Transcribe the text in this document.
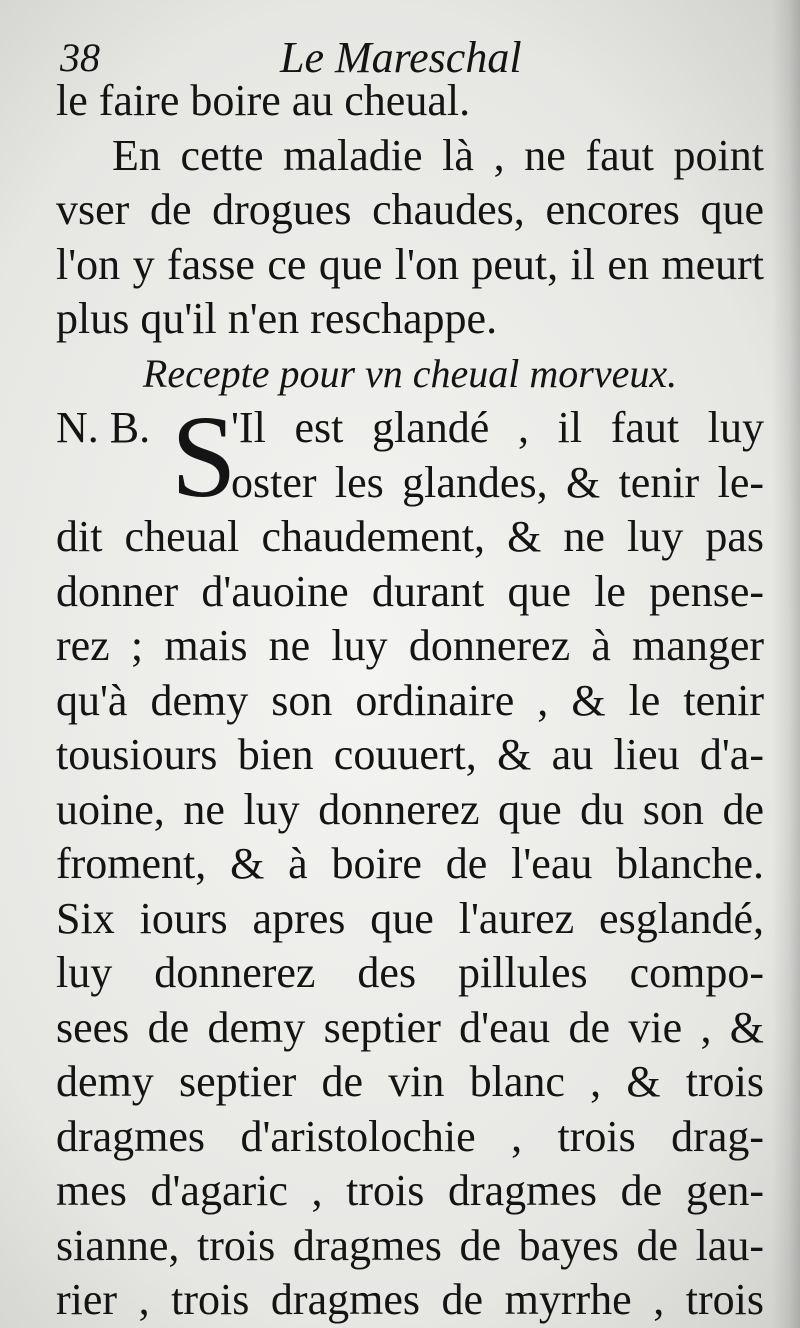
38	Le Mareschal
le faire boire au cheual.
En cette maladie là , ne faut point
vser de drogues chaudes, encores que
l'on y fasse ce que l'on peut, il en meurt
plus qu'il n'en reschappe.
Recepte pour vn cheual morveux.
N. B. S
'Il est glandé , il faut luy
oster les glandes, & tenir le-
dit cheual chaudement, & ne luy pas
donner d'auoine durant que le pense-
rez ; mais ne luy donnerez à manger
qu'à demy son ordinaire , & le tenir
tousiours bien couuert, & au lieu d'a-
uoine, ne luy donnerez que du son de
froment, & à boire de l'eau blanche.
Six iours apres que l'aurez esglandé,
luy donnerez des pillules compo-
sees de demy septier d'eau de vie , &
demy septier de vin blanc , & trois
dragmes d'aristolochie , trois drag-
mes d'agaric , trois dragmes de gen-
sianne, trois dragmes de bayes de lau-
rier , trois dragmes de myrrhe , trois
